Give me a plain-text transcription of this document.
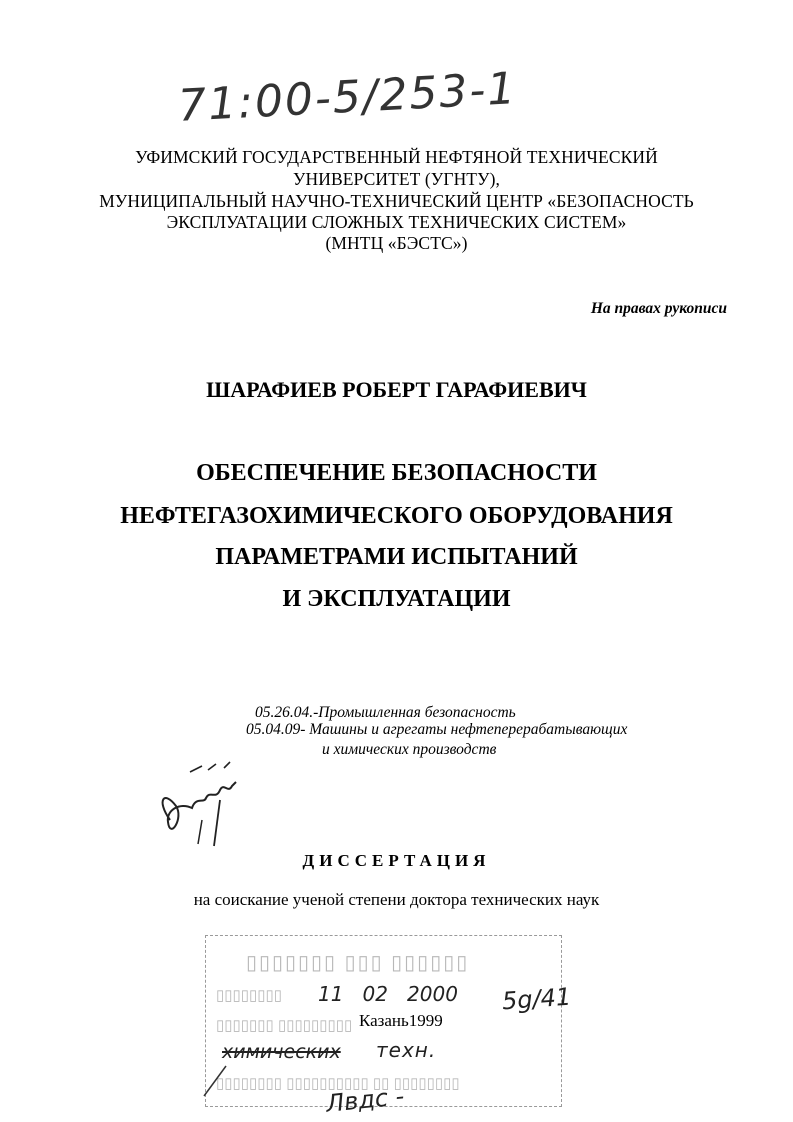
71:00-5/253-1
УФИМСКИЙ ГОСУДАРСТВЕННЫЙ НЕФТЯНОЙ ТЕХНИЧЕСКИЙ
УНИВЕРСИТЕТ (УГНТУ),
МУНИЦИПАЛЬНЫЙ НАУЧНО-ТЕХНИЧЕСКИЙ ЦЕНТР «БЕЗОПАСНОСТЬ
ЭКСПЛУАТАЦИИ СЛОЖНЫХ ТЕХНИЧЕСКИХ СИСТЕМ»
(МНТЦ «БЭСТС»)
На правах рукописи
ШАРАФИЕВ РОБЕРТ ГАРАФИЕВИЧ
ОБЕСПЕЧЕНИЕ БЕЗОПАСНОСТИ
НЕФТЕГАЗОХИМИЧЕСКОГО ОБОРУДОВАНИЯ
ПАРАМЕТРАМИ ИСПЫТАНИЙ
И ЭКСПЛУАТАЦИИ
05.26.04.-Промышленная безопасность
05.04.09- Машины и агрегаты нефтеперерабатывающих
и химических производств
ДИССЕРТАЦИЯ
на соискание ученой степени доктора технических наук
▯▯▯▯▯▯▯ ▯▯▯ ▯▯▯▯▯▯
▯▯▯▯▯▯▯▯
▯▯▯▯▯▯▯ ▯▯▯▯▯▯▯▯▯
▯▯▯▯▯▯▯▯ ▯▯▯▯▯▯▯▯▯▯ ▯▯ ▯▯▯▯▯▯▯▯
11   02   2000 5g/41
Казань1999
химических техн.
Лвдс -
